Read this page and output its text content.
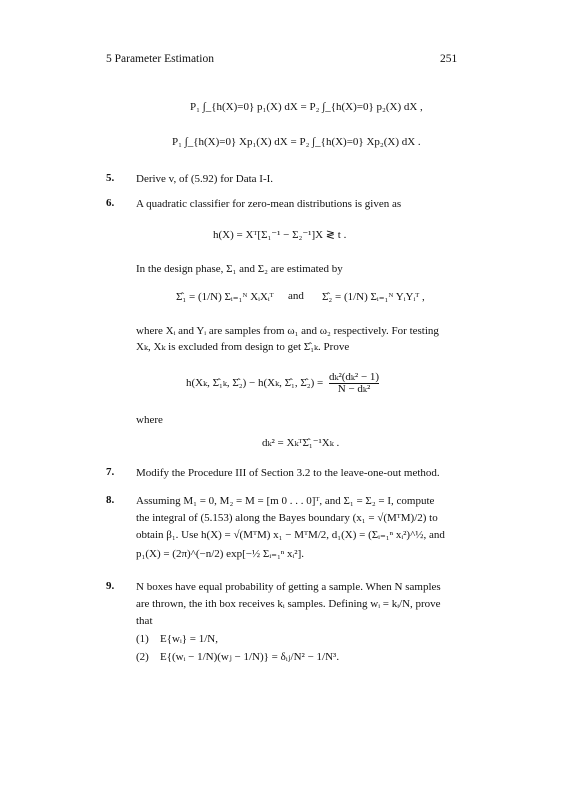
5 Parameter Estimation	251
P₁ ∫_{h(X)=0} p₁(X) dX = P₂ ∫_{h(X)=0} p₂(X) dX ,
P₁ ∫_{h(X)=0} Xp₁(X) dX = P₂ ∫_{h(X)=0} Xp₂(X) dX .
5. Derive v, of (5.92) for Data I-I.
6. A quadratic classifier for zero-mean distributions is given as
h(X) = Xᵀ[Σ₁⁻¹ − Σ₂⁻¹]X ≷ t .
In the design phase, Σ₁ and Σ₂ are estimated by
Σ̂₁ = (1/N) Σᵢ₌₁ᴺ XᵢXᵢᵀ and Σ̂₂ = (1/N) Σᵢ₌₁ᴺ YᵢYᵢᵀ ,
where Xᵢ and Yᵢ are samples from ω₁ and ω₂ respectively. For testing
Xₖ, Xₖ is excluded from design to get Σ̂₁ₖ. Prove
h(Xₖ, Σ̂₁ₖ, Σ̂₂) − h(Xₖ, Σ̂₁, Σ̂₂) = $\frac{\text{dₖ²(dₖ² − 1)}}{\text{N − dₖ²}}$
where
dₖ² = XₖᵀΣ̂₁⁻¹Xₖ .
7. Modify the Procedure III of Section 3.2 to the leave-one-out method.
8. Assuming M₁ = 0, M₂ = M = [m 0 . . . 0]ᵀ, and Σ₁ = Σ₂ = I, compute
the integral of (5.153) along the Bayes boundary (x₁ = √(MᵀM)/2) to
obtain β₁. Use h(X) = √(MᵀM) x₁ − MᵀM/2, d₁(X) = (Σᵢ₌₁ⁿ xᵢ²)^½, and
p₁(X) = (2π)^(−n/2) exp[−½ Σᵢ₌₁ⁿ xᵢ²].
9. N boxes have equal probability of getting a sample. When N samples
are thrown, the ith box receives kᵢ samples. Defining wᵢ = kᵢ/N, prove
that
(1) E{wᵢ} = 1/N,
(2) E{(wᵢ − 1/N)(wⱼ − 1/N)} = δᵢⱼ/N² − 1/N³.
